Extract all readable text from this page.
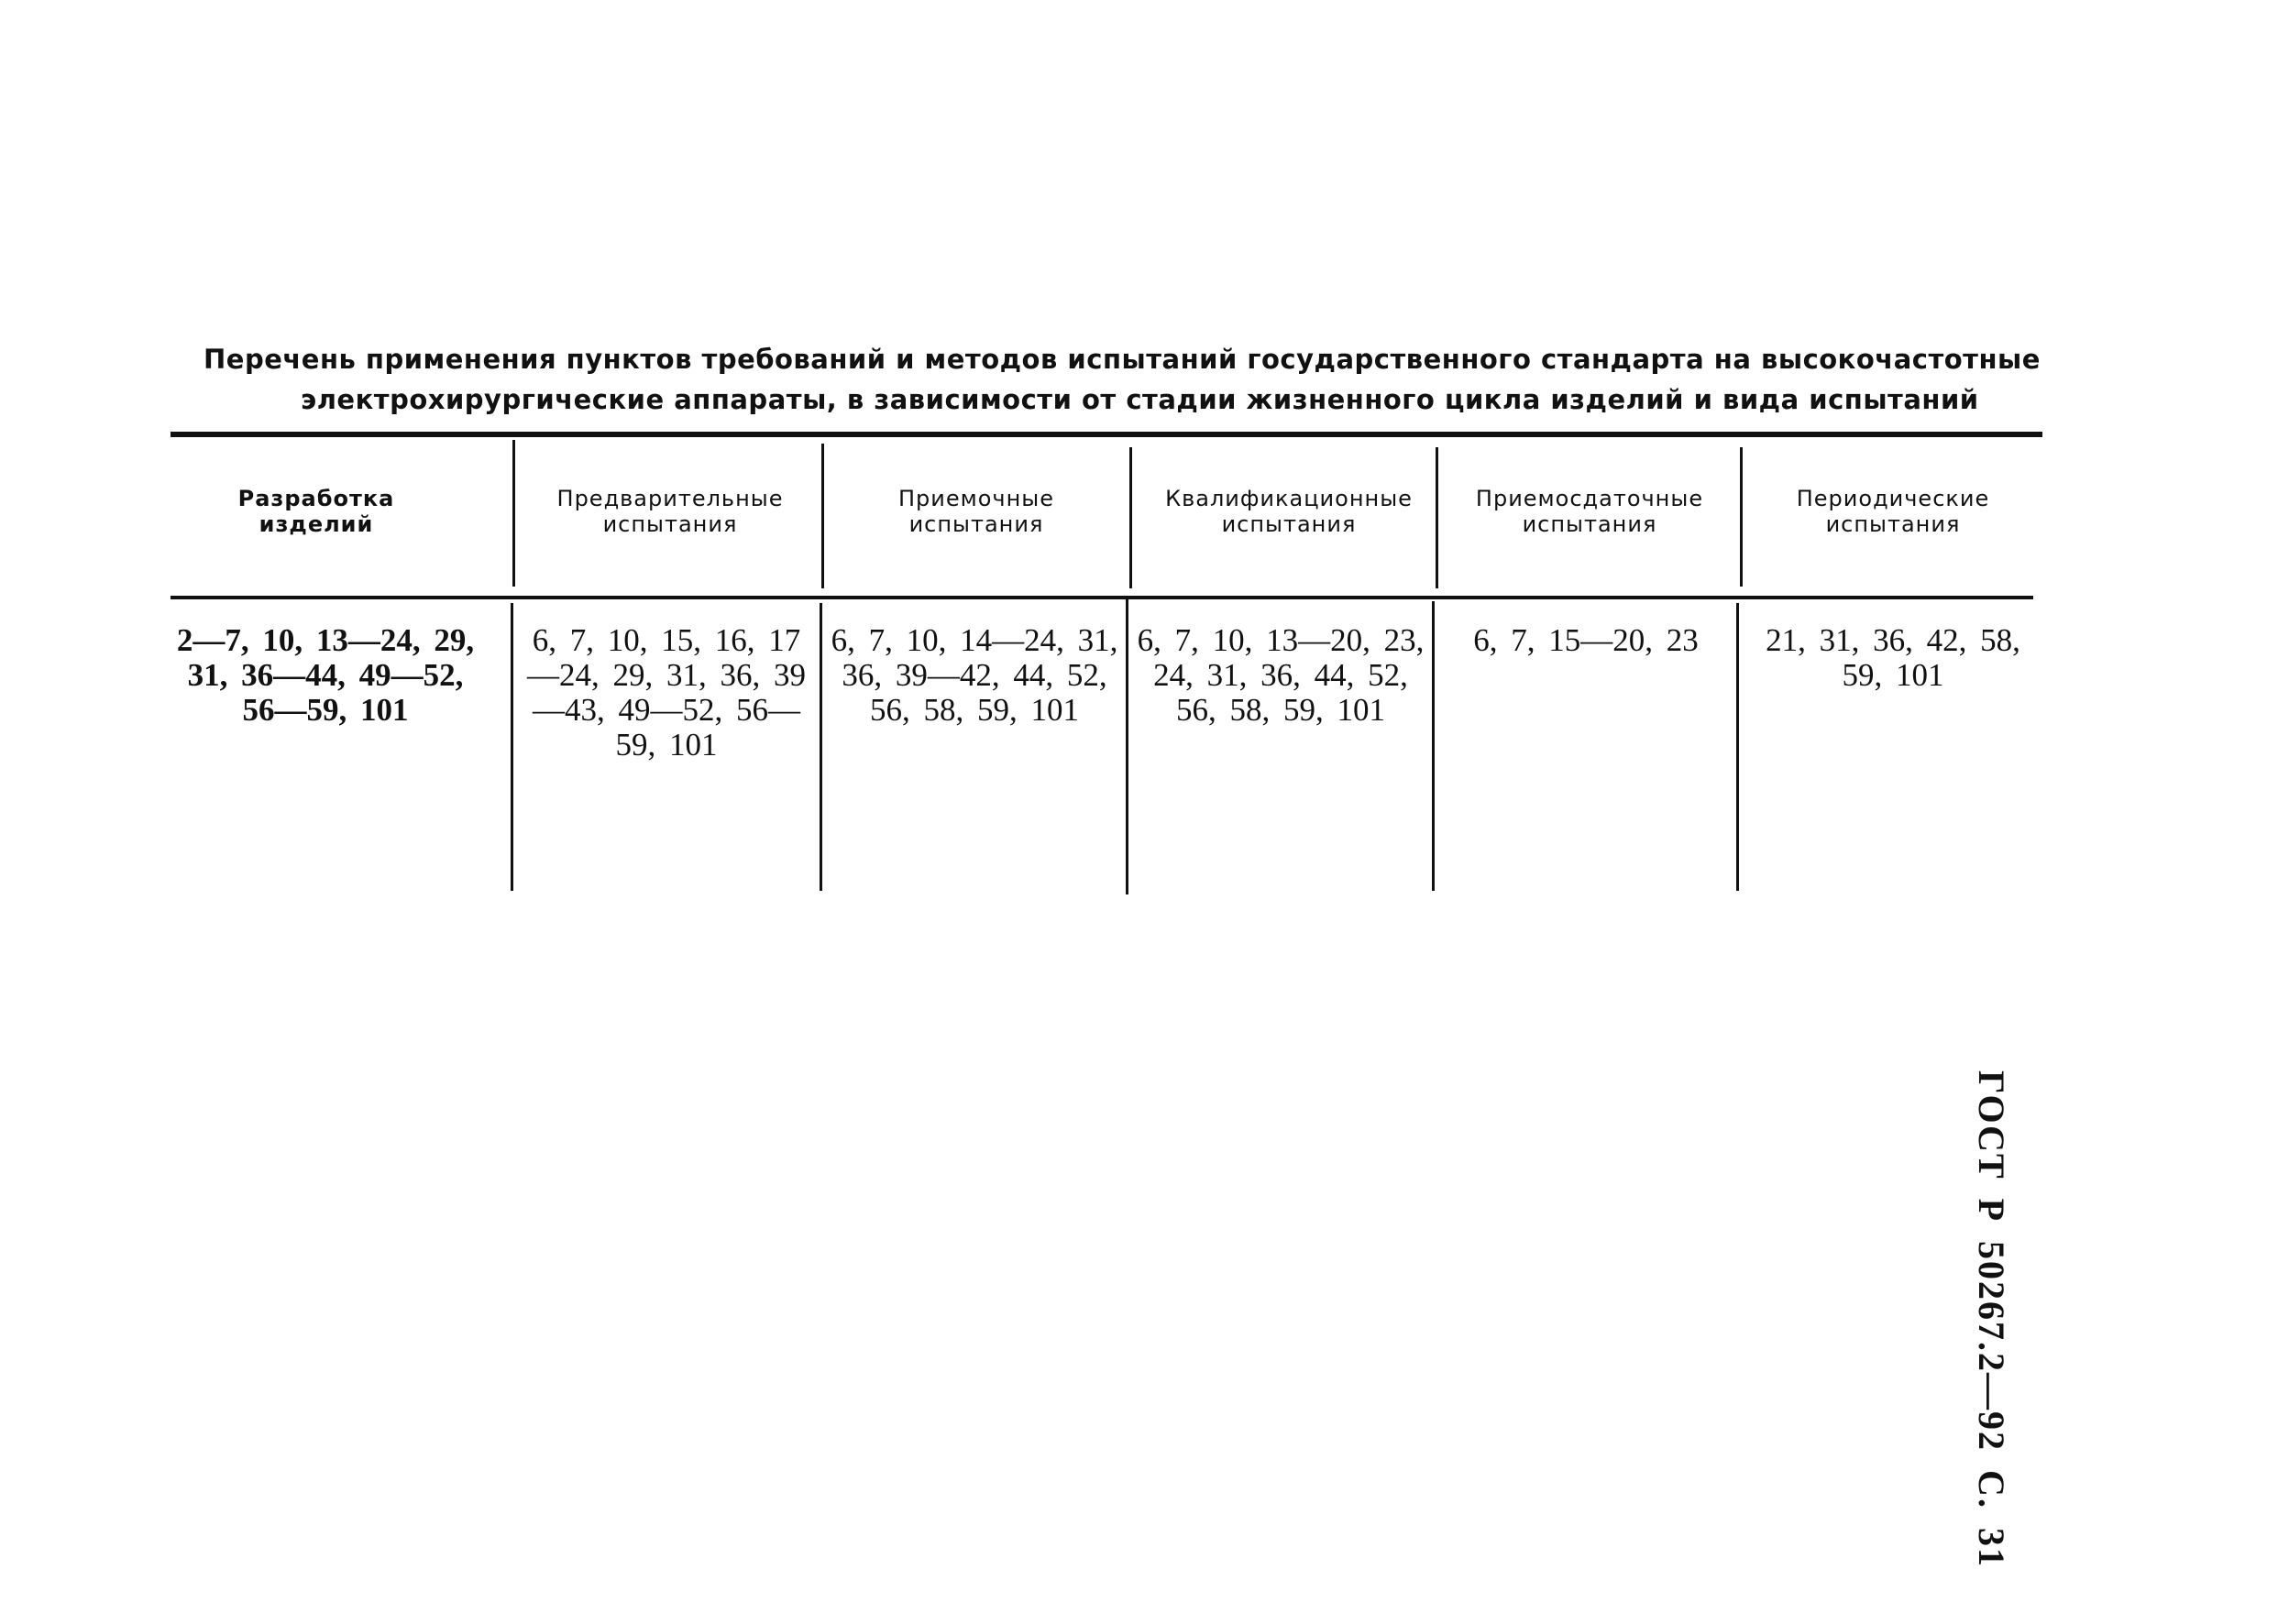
Перечень применения пунктов требований и методов испытаний государственного стандарта на высокочастотные
электрохирургические аппараты, в зависимости от стадии жизненного цикла изделий и вида испытаний
Разработка изделий
Предварительные испытания
Приемочные испытания
Квалификационные испытания
Приемосдаточные испытания
Периодические испытания
2—7, 10, 13—24, 29, 31, 36—44, 49—52, 56—59, 101
6, 7, 10, 15, 16, 17—24, 29, 31, 36, 39—43, 49—52, 56—59, 101
6, 7, 10, 14—24, 31, 36, 39—42, 44, 52, 56, 58, 59, 101
6, 7, 10, 13—20, 23, 24, 31, 36, 44, 52, 56, 58, 59, 101
6, 7, 15—20, 23	21, 31, 36, 42, 58, 59, 101
ГОСТ Р 50267.2—92 С. 31
